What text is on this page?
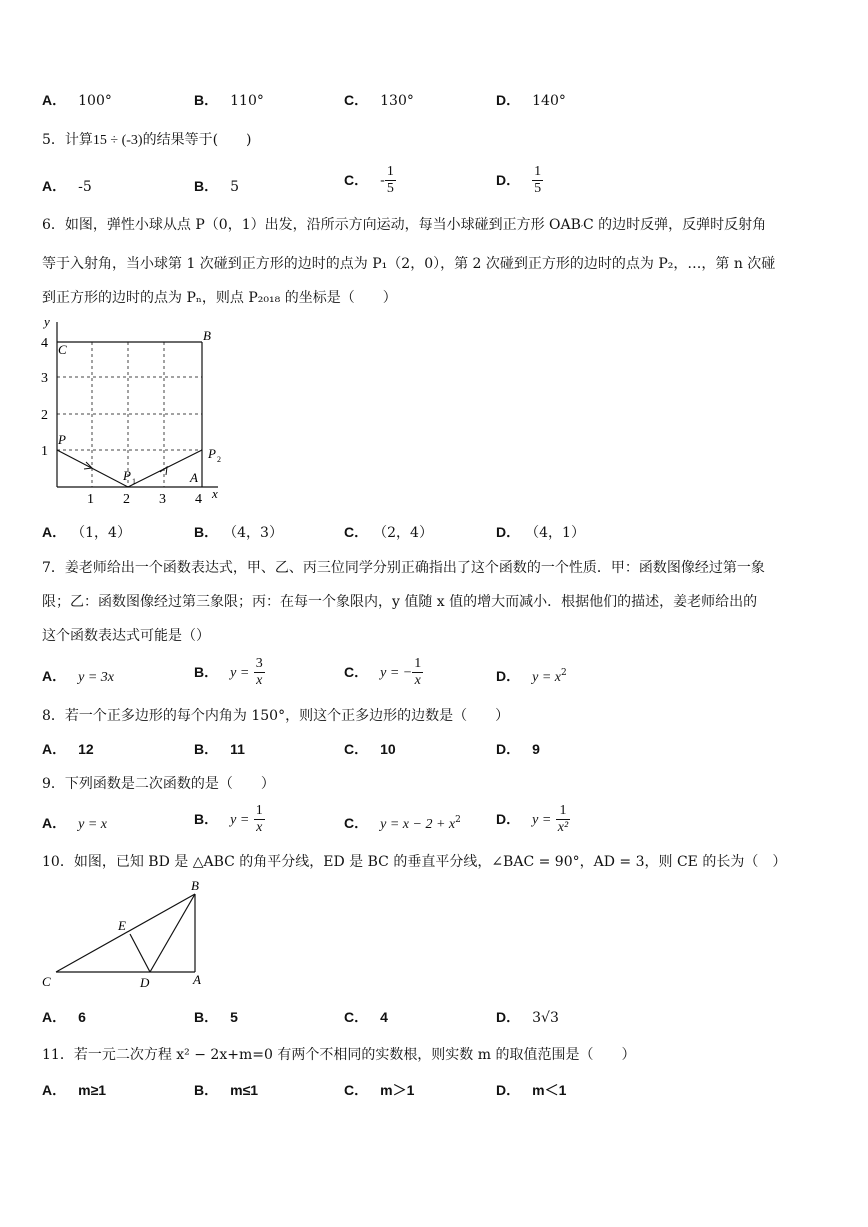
A． 100°	B． 110°	C． 130°	D． 140°
5．计算15 ÷ (-3)的结果等于(　　)
A． -5	B． 5	C． - $\frac{1}{5}$	D． $\frac{1}{5}$
6．如图，弹性小球从点 P（0，1）出发，沿所示方向运动，每当小球碰到正方形 $OAB'C$ 的边时反弹，反弹时反射角
等于入射角，当小球第 1 次碰到正方形的边时的点为 P₁（2，0），第 2 次碰到正方形的边时的点为 P₂，…，第 n 次碰
到正方形的边时的点为 Pₙ，则点 P₂₀₁₈ 的坐标是（　　）
y
x
C
B
P
P 1
P 2
A
4
3
2
1
1 2 3 4
A． （1，4）	B． （4，3）	C． （2，4）	D． （4，1）
7．姜老师给出一个函数表达式，甲、乙、丙三位同学分别正确指出了这个函数的一个性质．甲：函数图像经过第一象
限；乙：函数图像经过第三象限；丙：在每一个象限内，y 值随 x 值的增大而减小．根据他们的描述，姜老师给出的
这个函数表达式可能是（）
A． y = 3x	B． $y = \frac{3}{x}$	C． y = − $\frac{1}{x}$	D． $y = x^2$
8．若一个正多边形的每个内角为 150°，则这个正多边形的边数是（　　）
A． 12	B． 11	C． 10	D． 9
9．下列函数是二次函数的是（　　）
A． y = x	B． $y = \frac{1}{x}$	C． $y = x - 2 + x^2$	D． $y = \frac{1}{\text{x²}}$
10．如图，已知 BD 是 △ABC 的角平分线，ED 是 BC 的垂直平分线，∠BAC = 90°，AD = 3，则 CE 的长为（　）
B
E
C	D	A
A． 6	B． 5	C． 4	D． 3√3
11．若一元二次方程 x² − 2x+m=0 有两个不相同的实数根，则实数 m 的取值范围是（　　）
A． m≥1	B． m≤1	C． m＞1	D． m＜1
